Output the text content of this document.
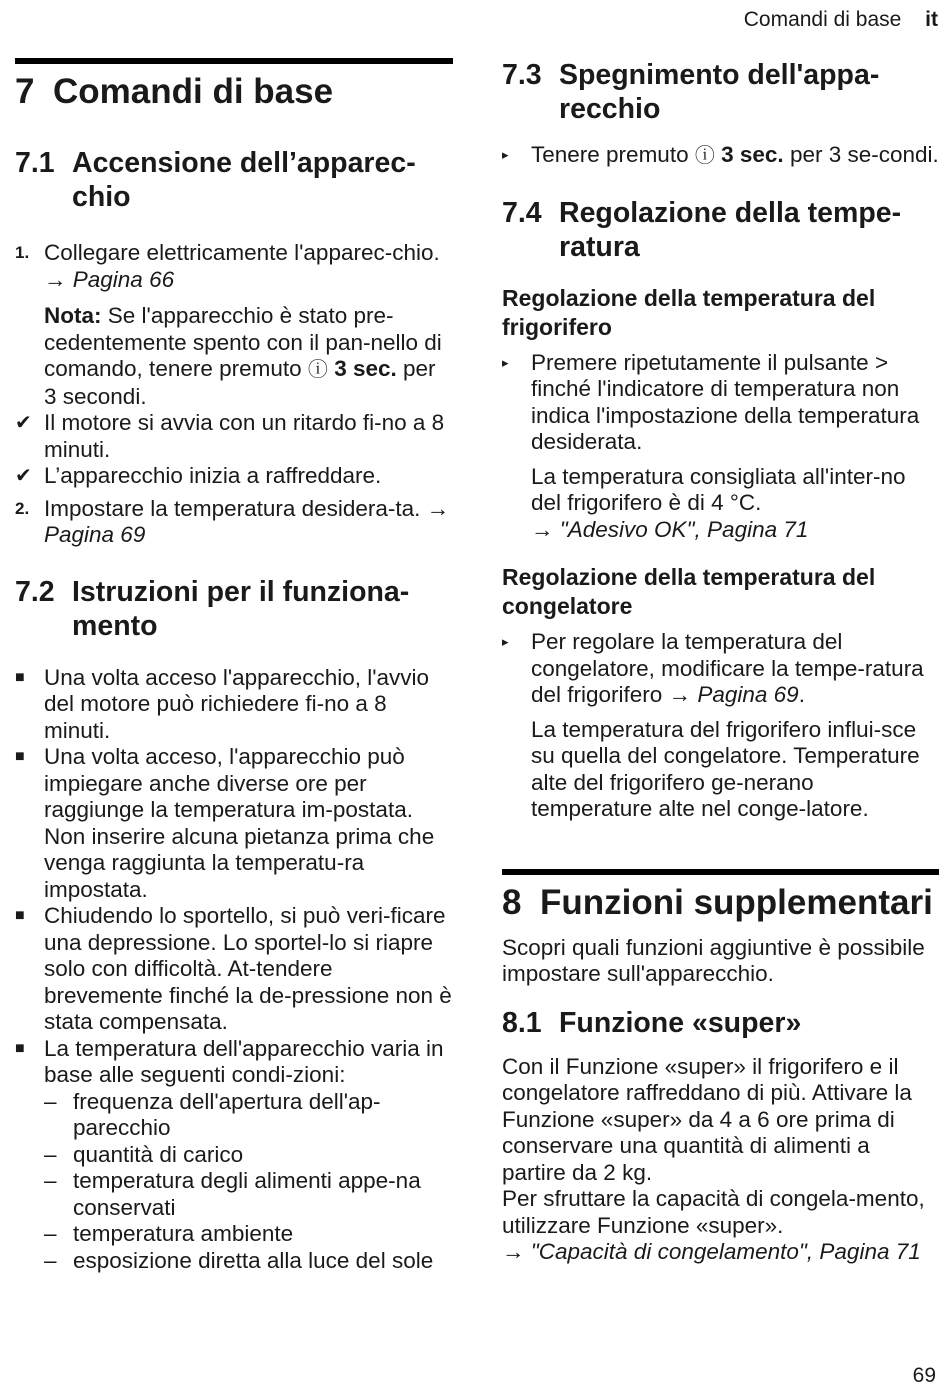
Comandi di base it
7 Comandi di base
7.1 Accensione dell’apparec-chio
1. Collegare elettricamente l'apparec-chio. → Pagina 66

Nota: Se l'apparecchio è stato pre-cedentemente spento con il pan-nello di comando, tenere premuto ⓘ 3 sec. per 3 secondi.

✔ Il motore si avvia con un ritardo fi-no a 8 minuti.
✔ L’apparecchio inizia a raffreddare.
2. Impostare la temperatura desidera-ta. → Pagina 69
7.2 Istruzioni per il funziona-mento
■ Una volta acceso l'apparecchio, l'avvio del motore può richiedere fi-no a 8 minuti.
■ Una volta acceso, l'apparecchio può impiegare anche diverse ore per raggiunge la temperatura im-postata.
Non inserire alcuna pietanza prima che venga raggiunta la temperatu-ra impostata.
■ Chiudendo lo sportello, si può veri-ficare una depressione. Lo sportel-lo si riapre solo con difficoltà. At-tendere brevemente finché la de-pressione non è stata compensata.
■ La temperatura dell'apparecchio varia in base alle seguenti condi-zioni:
– frequenza dell'apertura dell'ap-parecchio
– quantità di carico
– temperatura degli alimenti appe-na conservati
– temperatura ambiente
– esposizione diretta alla luce del sole
7.3 Spegnimento dell'appa-recchio
▸ Tenere premuto ⓘ 3 sec. per 3 se-condi.
7.4 Regolazione della tempe-ratura
Regolazione della temperatura del frigorifero
▸ Premere ripetutamente il pulsante > finché l'indicatore di temperatura non indica l'impostazione della temperatura desiderata.

La temperatura consigliata all'inter-no del frigorifero è di 4 °C.
→ "Adesivo OK", Pagina 71

Regolazione della temperatura del congelatore
▸ Per regolare la temperatura del congelatore, modificare la tempe-ratura del frigorifero → Pagina 69.

La temperatura del frigorifero influi-sce su quella del congelatore. Temperature alte del frigorifero ge-nerano temperature alte nel conge-latore.

8 Funzioni supplementari

Scopri quali funzioni aggiuntive è possibile impostare sull'apparecchio.

8.1 Funzione «super»

Con il Funzione «super» il frigorifero e il congelatore raffreddano di più. Attivare la Funzione «super» da 4 a 6 ore prima di conservare una quantità di alimenti a partire da 2 kg.

Per sfruttare la capacità di congela-mento, utilizzare Funzione «super».

→ "Capacità di congelamento", Pagina 71

69
